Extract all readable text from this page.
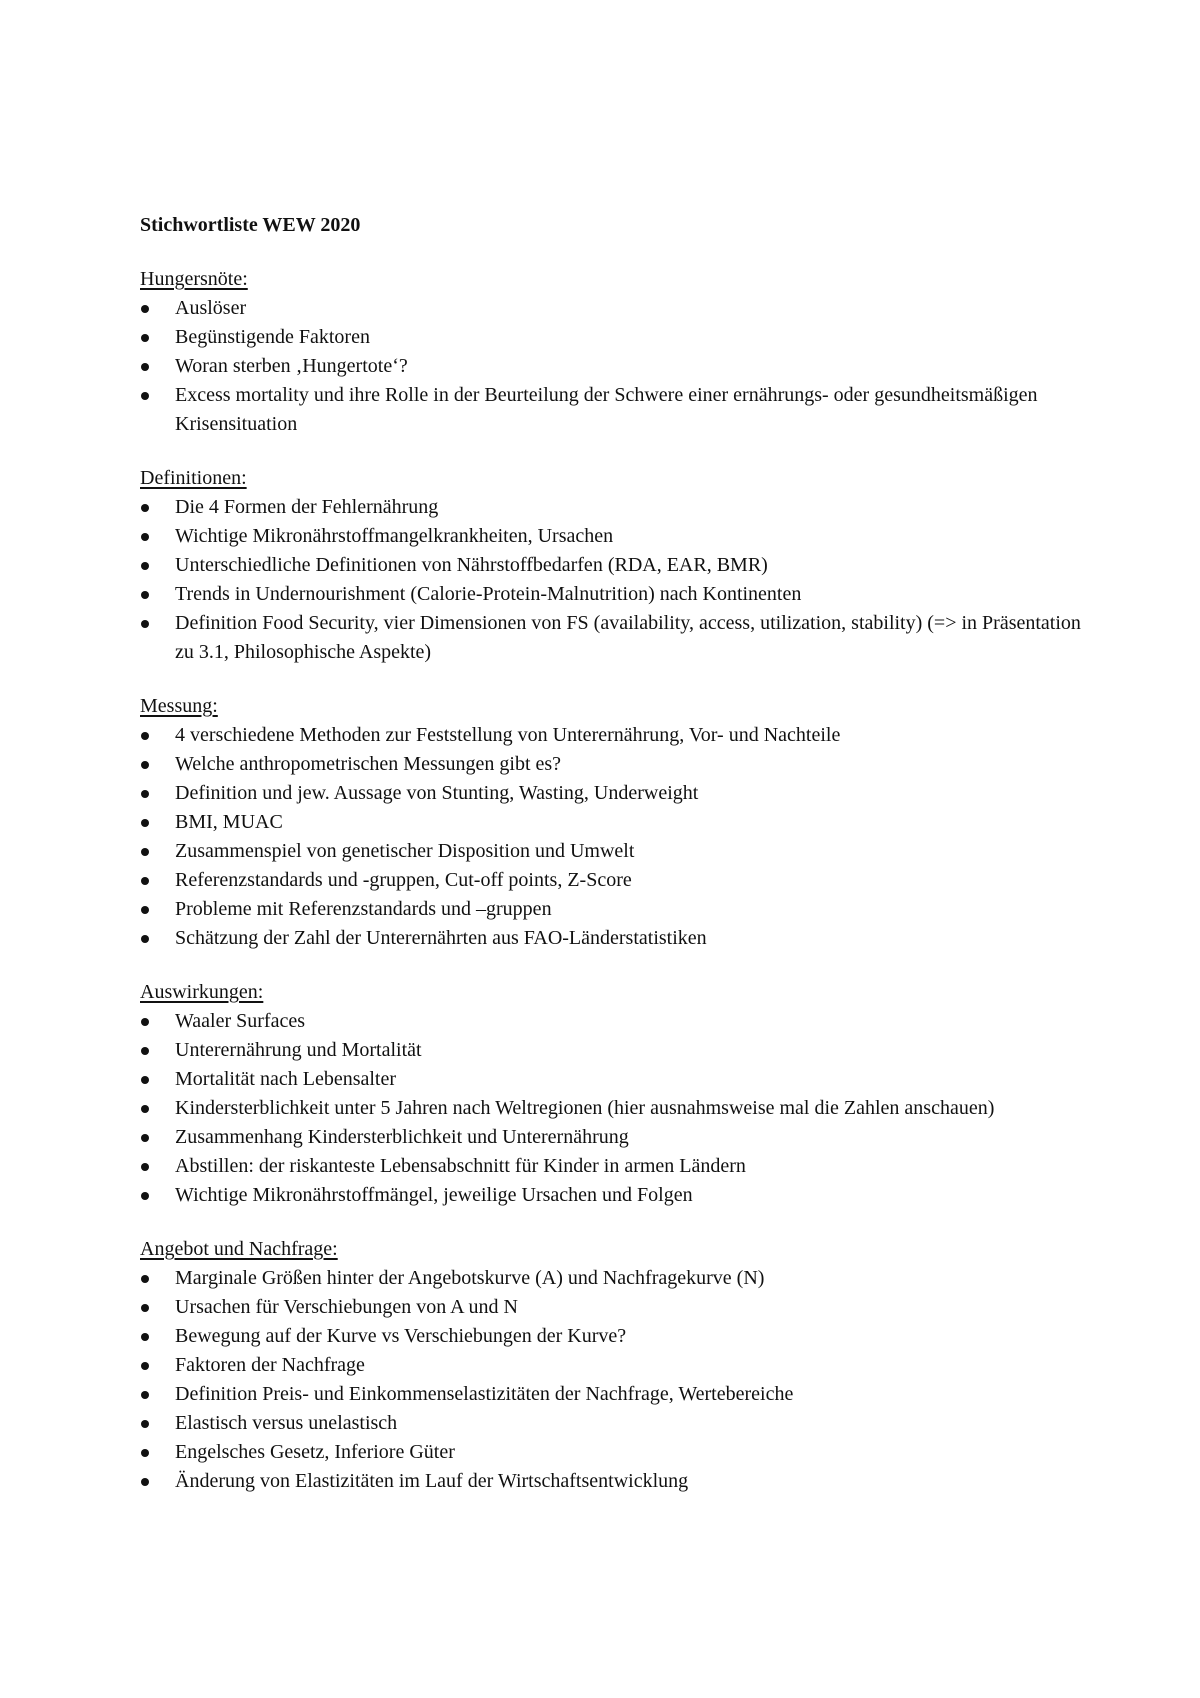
Stichwortliste WEW 2020
Hungersnöte:
Auslöser
Begünstigende Faktoren
Woran sterben ‚Hungertote‘?
Excess mortality und ihre Rolle in der Beurteilung der Schwere einer ernährungs- oder gesundheitsmäßigen Krisensituation
Definitionen:
Die 4 Formen der Fehlernährung
Wichtige Mikronährstoffmangelkrankheiten, Ursachen
Unterschiedliche Definitionen von Nährstoffbedarfen (RDA, EAR, BMR)
Trends in Undernourishment (Calorie-Protein-Malnutrition) nach Kontinenten
Definition Food Security, vier Dimensionen von FS (availability, access, utilization, stability) (=> in Präsentation zu 3.1, Philosophische Aspekte)
Messung:
4 verschiedene Methoden zur Feststellung von Unterernährung, Vor- und Nachteile
Welche anthropometrischen Messungen gibt es?
Definition und jew. Aussage von Stunting, Wasting, Underweight
BMI, MUAC
Zusammenspiel von genetischer Disposition und Umwelt
Referenzstandards und -gruppen, Cut-off points, Z-Score
Probleme mit Referenzstandards und –gruppen
Schätzung der Zahl der Unterernährten aus FAO-Länderstatistiken
Auswirkungen:
Waaler Surfaces
Unterernährung und Mortalität
Mortalität nach Lebensalter
Kindersterblichkeit unter 5 Jahren nach Weltregionen (hier ausnahmsweise mal die Zahlen anschauen)
Zusammenhang Kindersterblichkeit und Unterernährung
Abstillen: der riskanteste Lebensabschnitt für Kinder in armen Ländern
Wichtige Mikronährstoffmängel, jeweilige Ursachen und Folgen
Angebot und Nachfrage:
Marginale Größen hinter der Angebotskurve (A) und Nachfragekurve (N)
Ursachen für Verschiebungen von A und N
Bewegung auf der Kurve vs Verschiebungen der Kurve?
Faktoren der Nachfrage
Definition Preis- und Einkommenselastizitäten der Nachfrage, Wertebereiche
Elastisch versus unelastisch
Engelsches Gesetz, Inferiore Güter
Änderung von Elastizitäten im Lauf der Wirtschaftsentwicklung
